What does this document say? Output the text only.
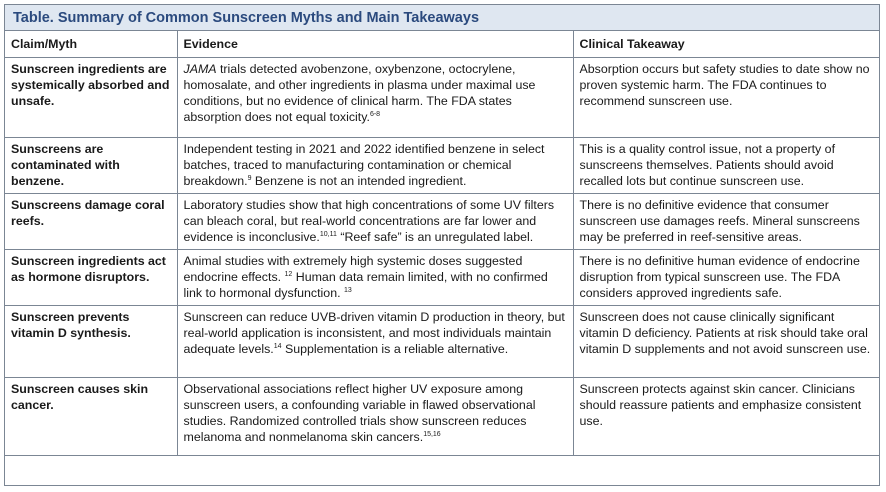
Table. Summary of Common Sunscreen Myths and Main Takeaways
Claim/Myth	Evidence	Clinical Takeaway
Sunscreen ingredients are systemically absorbed and unsafe.	JAMA trials detected avobenzone, oxybenzone, octocrylene, homosalate, and other ingredients in plasma under maximal use conditions, but no evidence of clinical harm. The FDA states absorption does not equal toxicity.$^{6-8}$	Absorption occurs but safety studies to date show no proven systemic harm. The FDA continues to recommend sunscreen use.
Sunscreens are contaminated with benzene.	Independent testing in 2021 and 2022 identified benzene in select batches, traced to manufacturing contamination or chemical breakdown.$^9$ Benzene is not an intended ingredient.	This is a quality control issue, not a property of sunscreens themselves. Patients should avoid recalled lots but continue sunscreen use.
Sunscreens damage coral reefs.	Laboratory studies show that high concentrations of some UV filters can bleach coral, but real-world concentrations are far lower and evidence is inconclusive.$^{10,11}$ “Reef safe” is an unregulated label.	There is no definitive evidence that consumer sunscreen use damages reefs. Mineral sunscreens may be preferred in reef-sensitive areas.
Sunscreen ingredients act as hormone disruptors.	Animal studies with extremely high systemic doses suggested endocrine effects. $^{12}$ Human data remain limited, with no confirmed link to hormonal dysfunction. $^{13}$	There is no definitive human evidence of endocrine disruption from typical sunscreen use. The FDA considers approved ingredients safe.
Sunscreen prevents vitamin D synthesis.	Sunscreen can reduce UVB-driven vitamin D production in theory, but real-world application is inconsistent, and most individuals maintain adequate levels.$^{14}$ Supplementation is a reliable alternative.	Sunscreen does not cause clinically significant vitamin D deficiency. Patients at risk should take oral vitamin D supplements and not avoid sunscreen use.
Sunscreen causes skin cancer.	Observational associations reflect higher UV exposure among sunscreen users, a confounding variable in flawed observational studies. Randomized controlled trials show sunscreen reduces melanoma and nonmelanoma skin cancers.$^{15,16}$	Sunscreen protects against skin cancer. Clinicians should reassure patients and emphasize consistent use.
